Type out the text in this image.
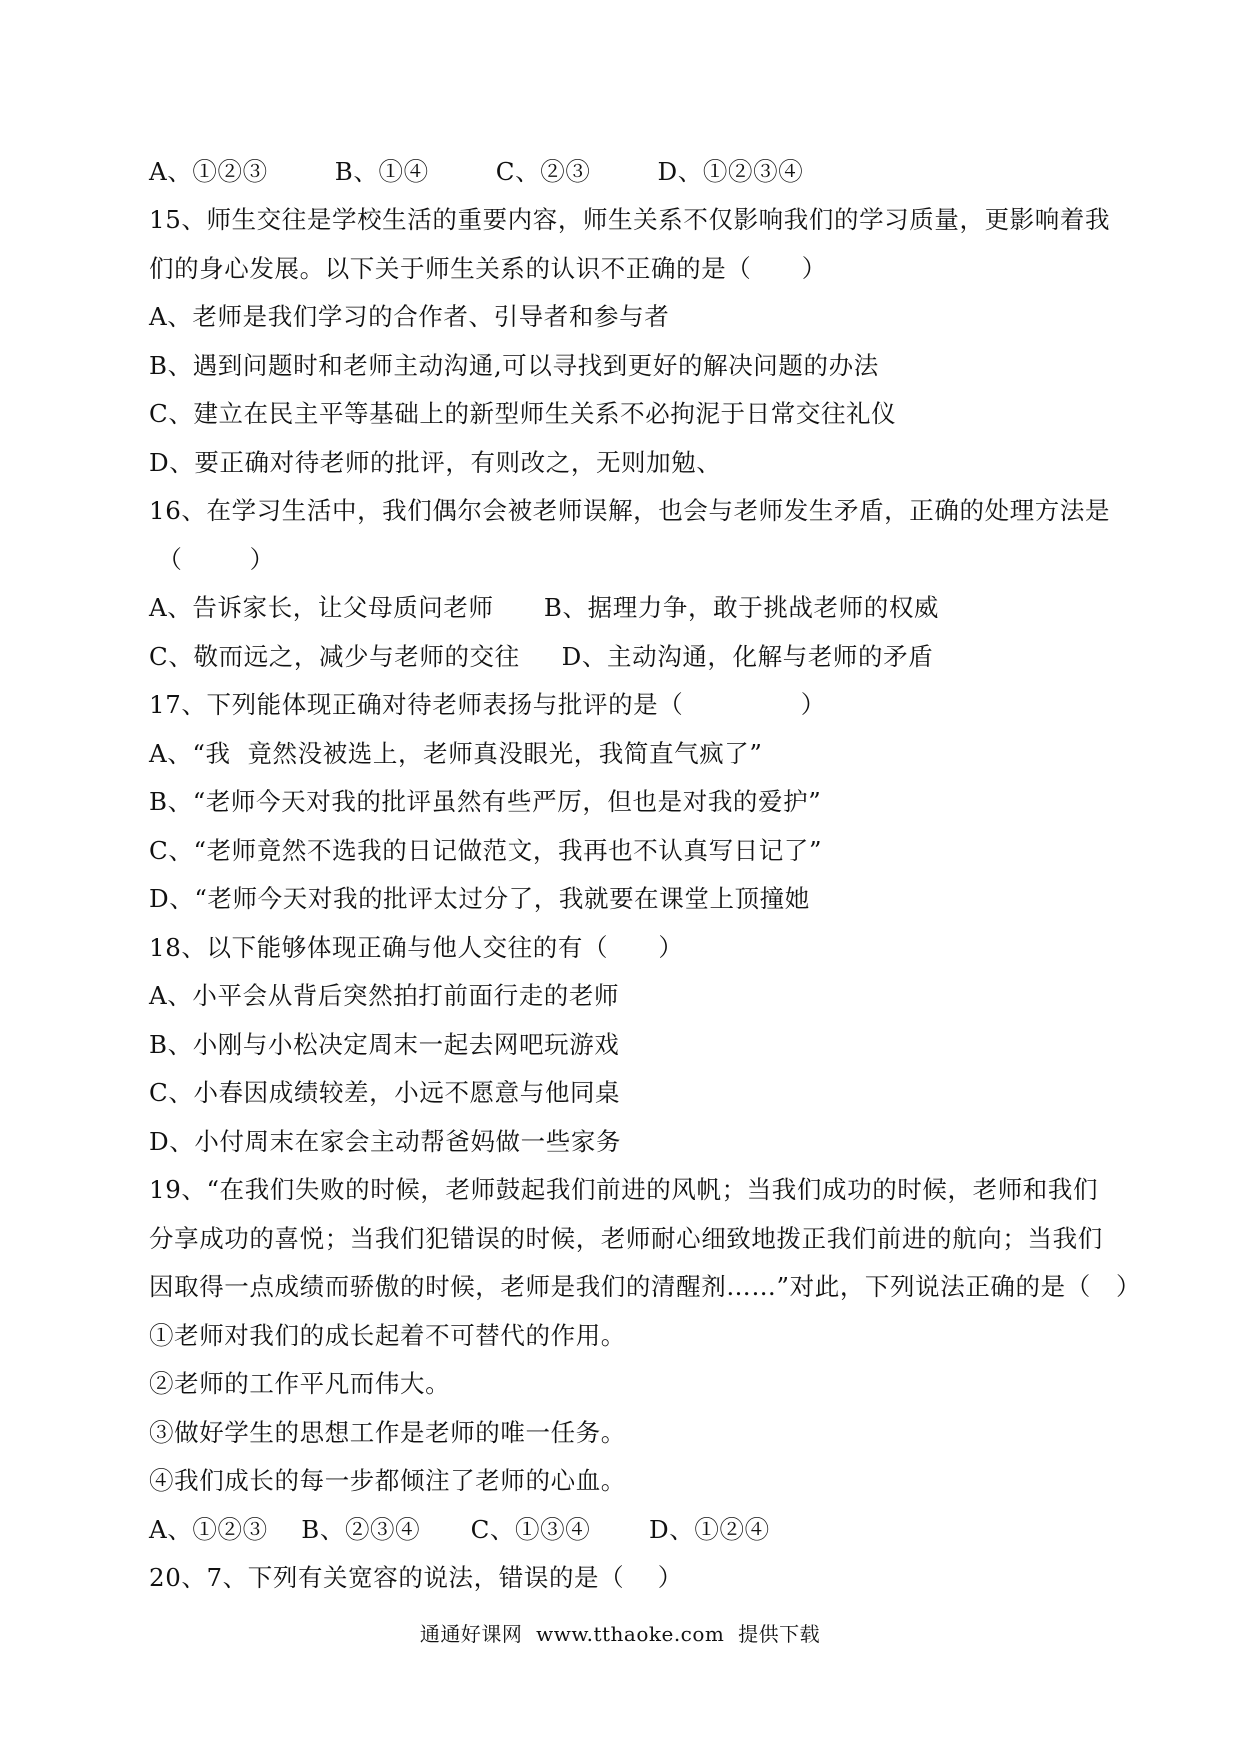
A、①②③        B、①④        C、②③        D、①②③④
15、师生交往是学校生活的重要内容，师生关系不仅影响我们的学习质量，更影响着我
们的身心发展。以下关于师生关系的认识不正确的是（      ）
A、老师是我们学习的合作者、引导者和参与者
B、遇到问题时和老师主动沟通,可以寻找到更好的解决问题的办法
C、建立在民主平等基础上的新型师生关系不必拘泥于日常交往礼仪
D、要正确对待老师的批评，有则改之，无则加勉、
16、在学习生活中，我们偶尔会被老师误解，也会与老师发生矛盾，正确的处理方法是
（        ）
A、告诉家长，让父母质问老师      B、据理力争，敢于挑战老师的权威
C、敬而远之，减少与老师的交往     D、主动沟通，化解与老师的矛盾
17、下列能体现正确对待老师表扬与批评的是（              ）
A、“我  竟然没被选上，老师真没眼光，我简直气疯了”
B、“老师今天对我的批评虽然有些严厉，但也是对我的爱护”
C、“老师竟然不选我的日记做范文，我再也不认真写日记了”
D、“老师今天对我的批评太过分了，我就要在课堂上顶撞她
18、以下能够体现正确与他人交往的有（      ）
A、小平会从背后突然拍打前面行走的老师
B、小刚与小松决定周末一起去网吧玩游戏
C、小春因成绩较差，小远不愿意与他同桌
D、小付周末在家会主动帮爸妈做一些家务
19、“在我们失败的时候，老师鼓起我们前进的风帆；当我们成功的时候，老师和我们
分享成功的喜悦；当我们犯错误的时候，老师耐心细致地拨正我们前进的航向；当我们
因取得一点成绩而骄傲的时候，老师是我们的清醒剂……”对此，下列说法正确的是（   ）
①老师对我们的成长起着不可替代的作用。
②老师的工作平凡而伟大。
③做好学生的思想工作是老师的唯一任务。
④我们成长的每一步都倾注了老师的心血。
A、①②③    B、②③④      C、①③④       D、①②④
20、7、下列有关宽容的说法，错误的是（    ）
通通好课网  www.tthaoke.com  提供下载
